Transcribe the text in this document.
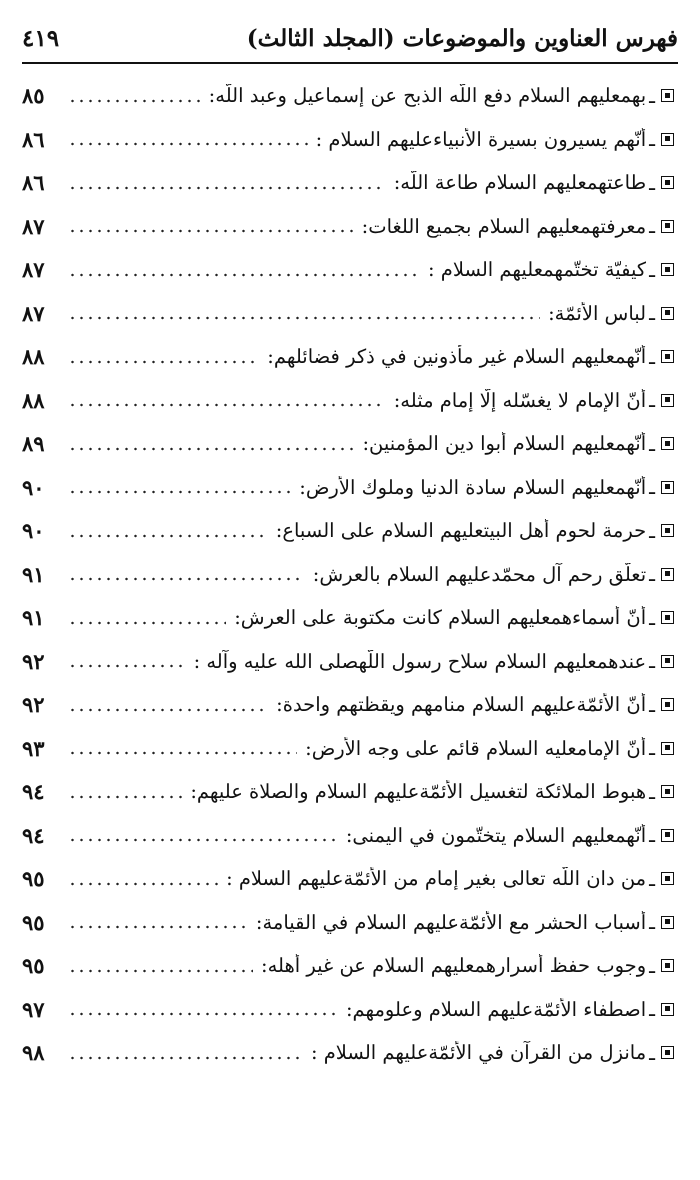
فهرس العناوين والموضوعات (المجلد الثالث)
٤١٩
ـ
بهمعليهم السلام دفع اللّه الذبح عن إسماعيل وعبد اللّه:
٨٥
ـ
أنّهم يسيرون بسيرة الأنبياءعليهم السلام :
٨٦
ـ
طاعتهمعليهم السلام طاعة اللّه:
٨٦
ـ
معرفتهمعليهم السلام بجميع اللغات:
٨٧
ـ
كيفيّة تختّمهمعليهم السلام :
٨٧
ـ
لباس الأئمّة:
٨٧
ـ
أنّهمعليهم السلام غير مأذونين في ذكر فضائلهم:
٨٨
ـ
أنّ الإمام لا يغسّله إلّا إمام مثله:
٨٨
ـ
أنّهمعليهم السلام أبوا دين المؤمنين:
٨٩
ـ
أنّهمعليهم السلام سادة الدنيا وملوك الأرض:
٩٠
ـ
حرمة لحوم أهل البيتعليهم السلام على السباع:
٩٠
ـ
تعلّق رحم آل محمّدعليهم السلام بالعرش:
٩١
ـ
أنّ أسماءهمعليهم السلام كانت مكتوبة على العرش:
٩١
ـ
عندهمعليهم السلام سلاح رسول اللّهصلى الله عليه وآله :
٩٢
ـ
أنّ الأئمّةعليهم السلام منامهم ويقظتهم واحدة:
٩٢
ـ
أنّ الإمامعليه السلام قائم على وجه الأرض:
٩٣
ـ
هبوط الملائكة لتغسيل الأئمّةعليهم السلام والصلاة عليهم:
٩٤
ـ
أنّهمعليهم السلام يتختّمون في اليمنى:
٩٤
ـ
من دان اللّه تعالى بغير إمام من الأئمّةعليهم السلام :
٩٥
ـ
أسباب الحشر مع الأئمّةعليهم السلام في القيامة:
٩٥
ـ
وجوب حفظ أسرارهمعليهم السلام عن غير أهله:
٩٥
ـ
اصطفاء الأئمّةعليهم السلام وعلومهم:
٩٧
ـ
مانزل من القرآن في الأئمّةعليهم السلام :
٩٨
